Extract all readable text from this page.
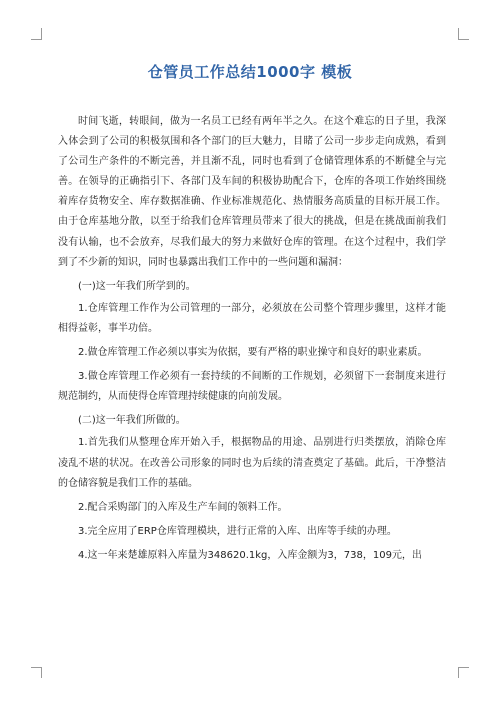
仓管员工作总结1000字 模板

时间飞逝，转眼间，做为一名员工已经有两年半之久。在这个难忘的日子里，我深入体会到了公司的积极氛围和各个部门的巨大魅力，目睹了公司一步步走向成熟，看到了公司生产条件的不断完善，并且渐不乱，同时也看到了仓储管理体系的不断健全与完善。在领导的正确指引下、各部门及车间的积极协助配合下，仓库的各项工作始终围绕着库存货物安全、库存数据准确、作业标准规范化、热情服务高质量的目标开展工作。由于仓库基地分散，以至于给我们仓库管理员带来了很大的挑战，但是在挑战面前我们没有认输，也不会放弃，尽我们最大的努力来做好仓库的管理。在这个过程中，我们学到了不少新的知识，同时也暴露出我们工作中的一些问题和漏洞：

(一)这一年我们所学到的。

1.仓库管理工作作为公司管理的一部分，必须放在公司整个管理步骤里，这样才能相得益彰，事半功倍。

2.做仓库管理工作必须以事实为依据，要有严格的职业操守和良好的职业素质。

3.做仓库管理工作必须有一套持续的不间断的工作规划，必须留下一套制度来进行规范制约，从而使得仓库管理持续健康的向前发展。

(二)这一年我们所做的。

1.首先我们从整理仓库开始入手，根据物品的用途、品别进行归类摆放，消除仓库凌乱不堪的状况。在改善公司形象的同时也为后续的清查奠定了基础。此后，干净整洁的仓储容貌是我们工作的基础。

2.配合采购部门的入库及生产车间的领料工作。

3.完全应用了ERP仓库管理模块，进行正常的入库、出库等手续的办理。

4.这一年来楚雄原料入库量为348620.1kg，入库金额为3，738，109元，出
